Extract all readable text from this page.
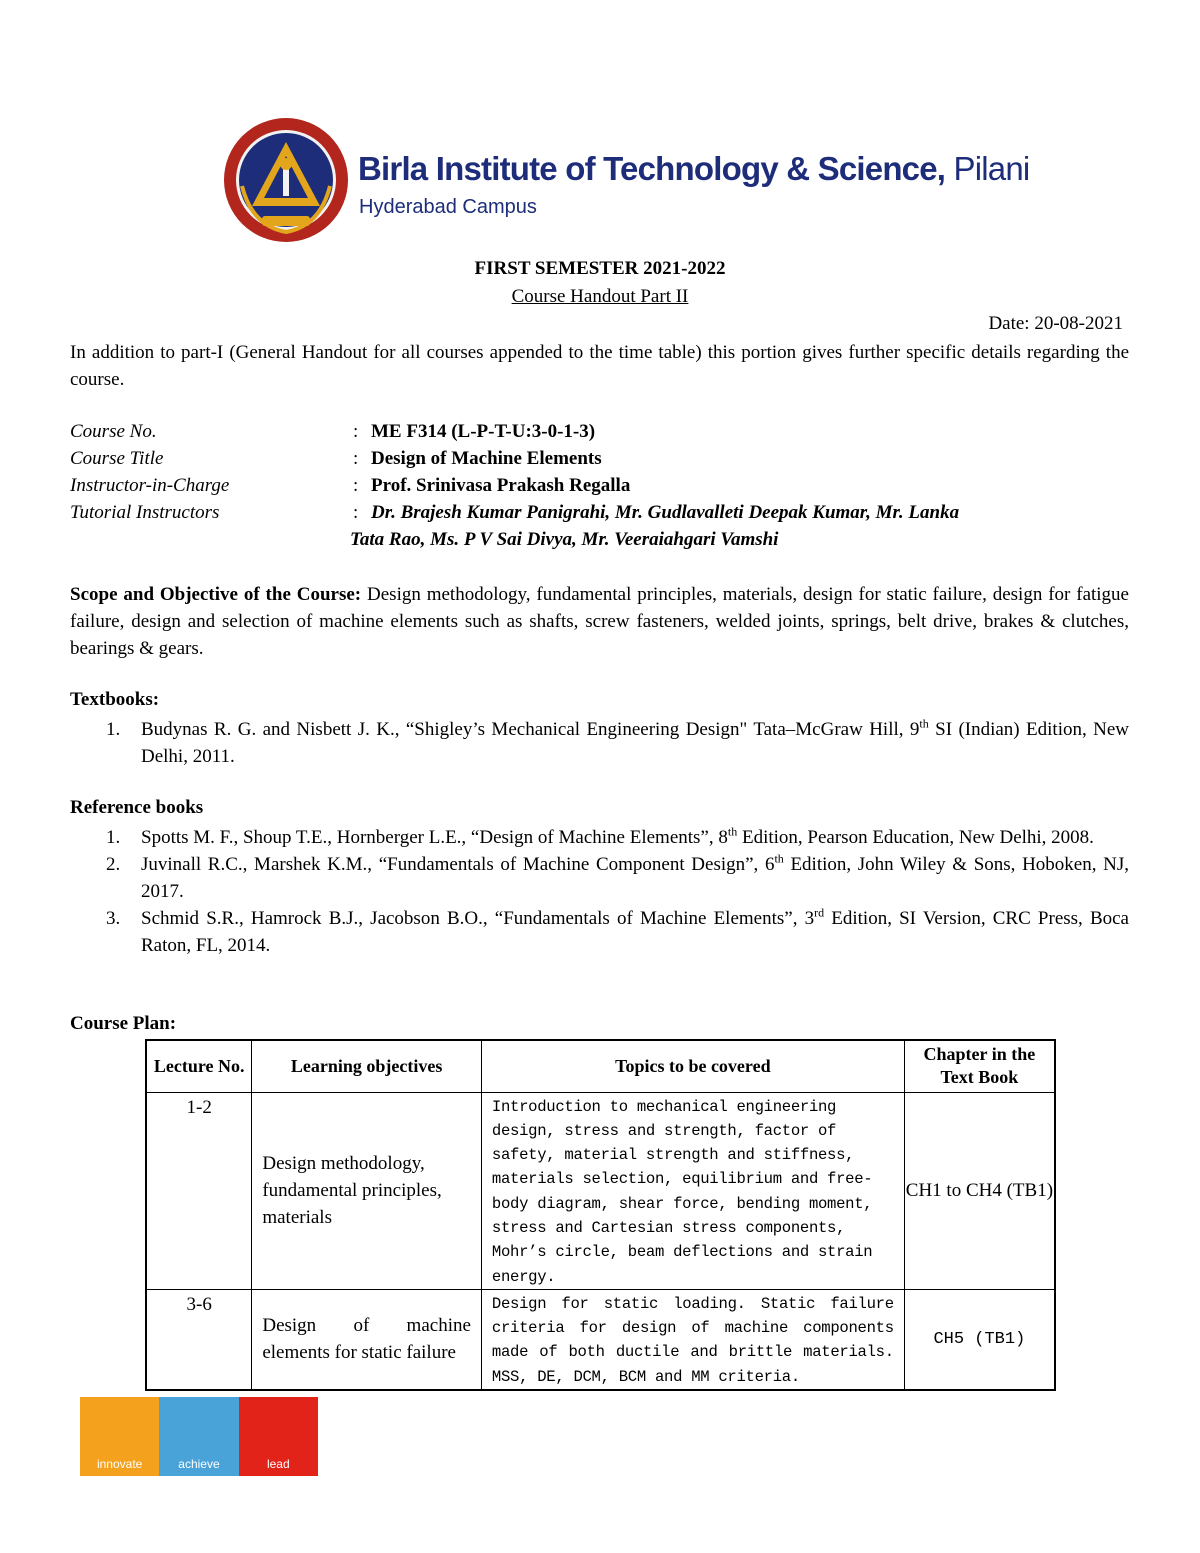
Birla Institute of Technology & Science, Pilani
Hyderabad Campus
FIRST SEMESTER 2021-2022
Course Handout Part II
Date: 20-08-2021
In addition to part-I (General Handout for all courses appended to the time table) this portion gives further specific details regarding the course.
Course No.	: ME F314 (L-P-T-U:3-0-1-3)
Course Title	: Design of Machine Elements
Instructor-in-Charge	: Prof. Srinivasa Prakash Regalla
Tutorial Instructors	: Dr. Brajesh Kumar Panigrahi, Mr. Gudlavalleti Deepak Kumar, Mr. Lanka
Tata Rao, Ms. P V Sai Divya, Mr. Veeraiahgari Vamshi
Scope and Objective of the Course: Design methodology, fundamental principles, materials, design for static failure, design for fatigue failure, design and selection of machine elements such as shafts, screw fasteners, welded joints, springs, belt drive, brakes & clutches, bearings & gears.
Textbooks:
1. Budynas R. G. and Nisbett J. K., “Shigley’s Mechanical Engineering Design" Tata–McGraw Hill, 9th SI (Indian) Edition, New Delhi, 2011.
Reference books
1. Spotts M. F., Shoup T.E., Hornberger L.E., “Design of Machine Elements”, 8th Edition, Pearson Education, New Delhi, 2008.
2. Juvinall R.C., Marshek K.M., “Fundamentals of Machine Component Design”, 6th Edition, John Wiley & Sons, Hoboken, NJ, 2017.
3. Schmid S.R., Hamrock B.J., Jacobson B.O., “Fundamentals of Machine Elements”, 3rd Edition, SI Version, CRC Press, Boca Raton, FL, 2014.
Course Plan:
Lecture No.	Learning objectives	Topics to be covered	Chapter in the Text Book
1-2	Design methodology, fundamental principles, materials	Introduction to mechanical engineering design, stress and strength, factor of safety, material strength and stiffness, materials selection, equilibrium and free-body diagram, shear force, bending moment, stress and Cartesian stress components, Mohr’s circle, beam deflections and strain energy.	CH1 to CH4 (TB1)
3-6	Design of machine elements for static failure	Design for static loading. Static failure criteria for design of machine components made of both ductile and brittle materials. MSS, DE, DCM, BCM and MM criteria.	CH5 (TB1)
innovate	achieve	lead
